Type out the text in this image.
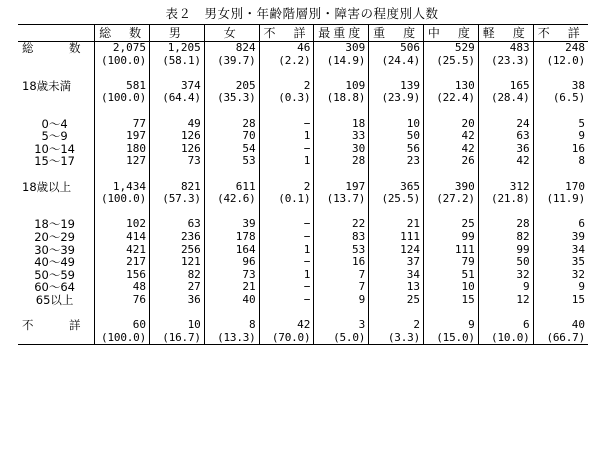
表２　男女別・年齢階層別・障害の程度別人数
	総　数	男	女	不　詳	最重度	重　度	中　度	軽　度	不　詳
総　数	2,075	1,205	824	46	309	506	529	483	248
	(100.0)	(58.1)	(39.7)	(2.2)	(14.9)	(24.4)	(25.5)	(23.3)	(12.0)

18歳未満	581	374	205	2	109	139	130	165	38
	(100.0)	(64.4)	(35.3)	(0.3)	(18.8)	(23.9)	(22.4)	(28.4)	(6.5)

0～4	77	49	28	−	18	10	20	24	5
5～9	197	126	70	1	33	50	42	63	9
10～14	180	126	54	−	30	56	42	36	16
15～17	127	73	53	1	28	23	26	42	8

18歳以上	1,434	821	611	2	197	365	390	312	170
	(100.0)	(57.3)	(42.6)	(0.1)	(13.7)	(25.5)	(27.2)	(21.8)	(11.9)

18～19	102	63	39	−	22	21	25	28	6
20～29	414	236	178	−	83	111	99	82	39
30～39	421	256	164	1	53	124	111	99	34
40～49	217	121	96	−	16	37	79	50	35
50～59	156	82	73	1	7	34	51	32	32
60～64	48	27	21	−	7	13	10	9	9
65以上	76	36	40	−	9	25	15	12	15

不　詳	60	10	8	42	3	2	9	6	40
	(100.0)	(16.7)	(13.3)	(70.0)	(5.0)	(3.3)	(15.0)	(10.0)	(66.7)
